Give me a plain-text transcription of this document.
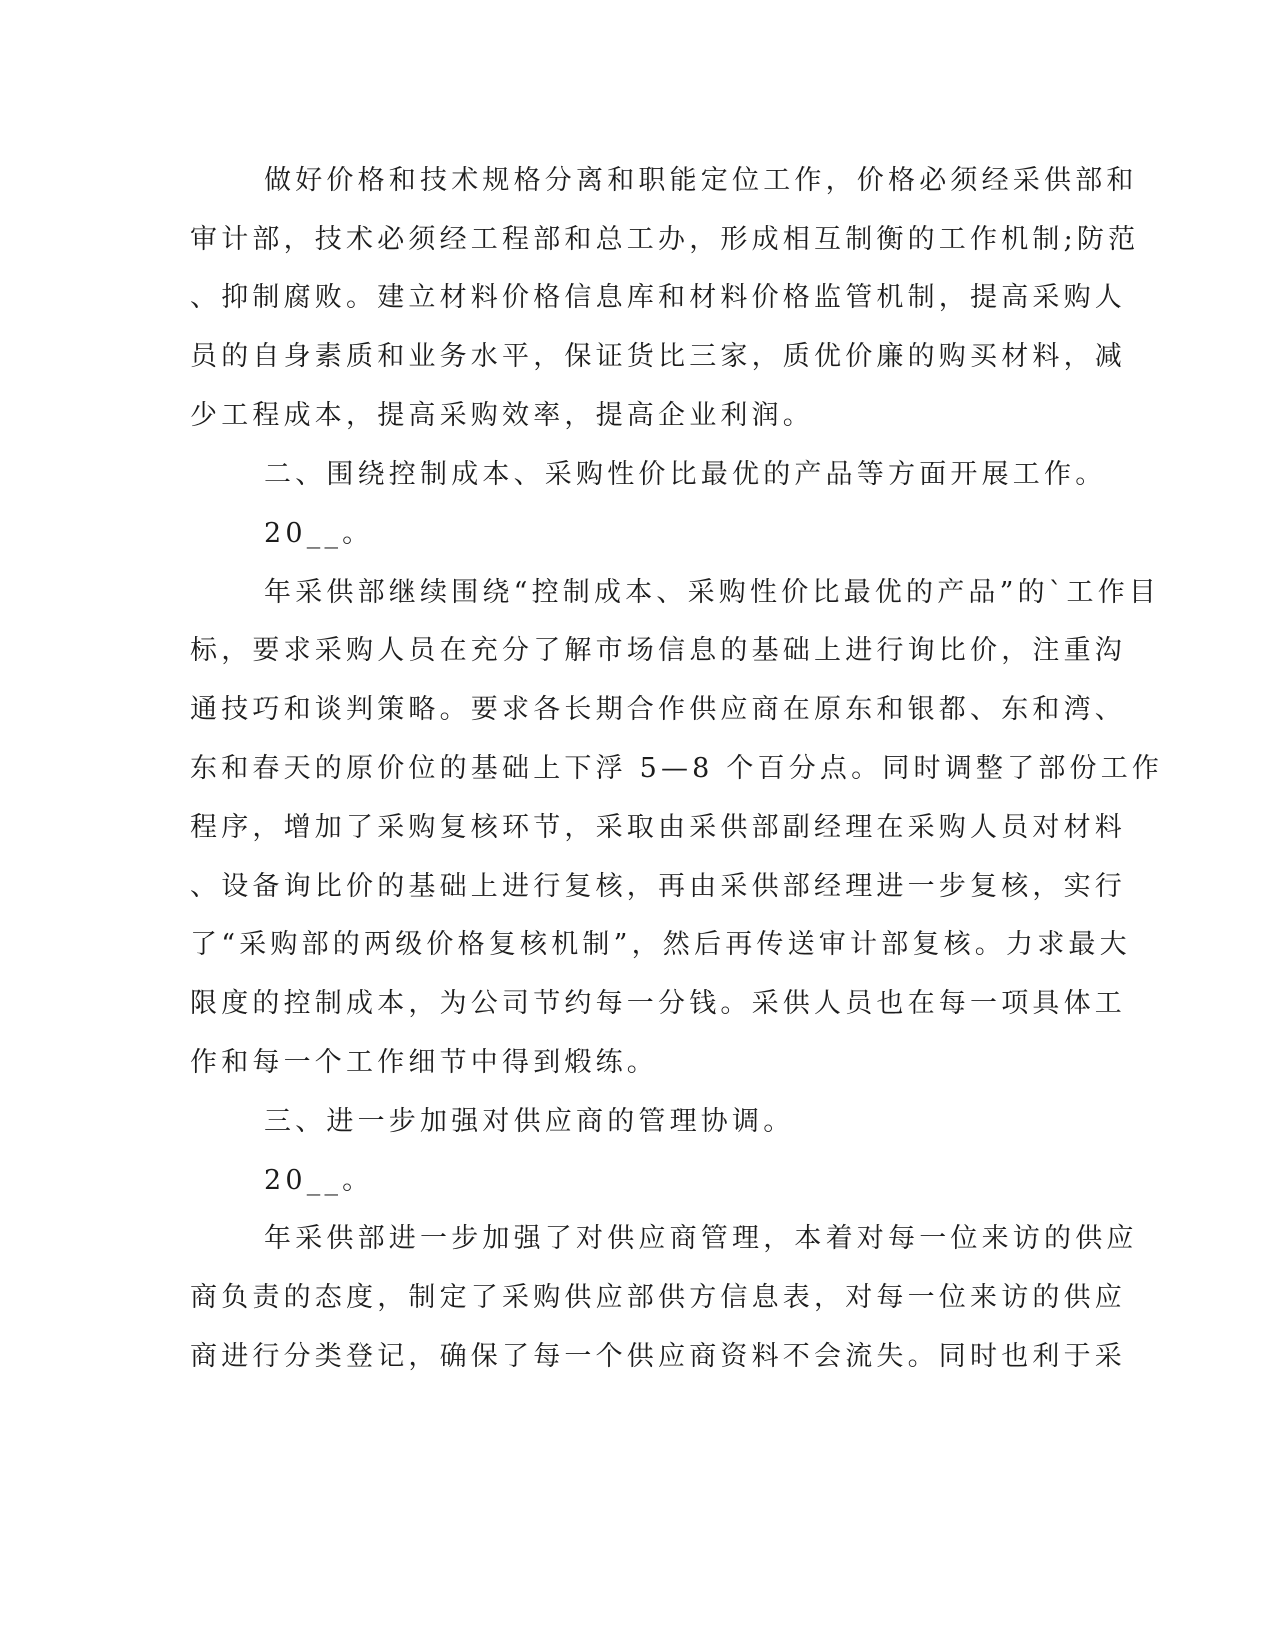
做好价格和技术规格分离和职能定位工作，价格必须经采供部和
审计部，技术必须经工程部和总工办，形成相互制衡的工作机制;防范
、抑制腐败。建立材料价格信息库和材料价格监管机制，提高采购人
员的自身素质和业务水平，保证货比三家，质优价廉的购买材料，减
少工程成本，提高采购效率，提高企业利润。
二、围绕控制成本、采购性价比最优的产品等方面开展工作。
20__。
年采供部继续围绕“控制成本、采购性价比最优的产品”的`工作目
标，要求采购人员在充分了解市场信息的基础上进行询比价，注重沟
通技巧和谈判策略。要求各长期合作供应商在原东和银都、东和湾、
东和春天的原价位的基础上下浮 5—8 个百分点。同时调整了部份工作
程序，增加了采购复核环节，采取由采供部副经理在采购人员对材料
、设备询比价的基础上进行复核，再由采供部经理进一步复核，实行
了“采购部的两级价格复核机制”，然后再传送审计部复核。力求最大
限度的控制成本，为公司节约每一分钱。采供人员也在每一项具体工
作和每一个工作细节中得到煅练。
三、进一步加强对供应商的管理协调。
20__。
年采供部进一步加强了对供应商管理，本着对每一位来访的供应
商负责的态度，制定了采购供应部供方信息表，对每一位来访的供应
商进行分类登记，确保了每一个供应商资料不会流失。同时也利于采
